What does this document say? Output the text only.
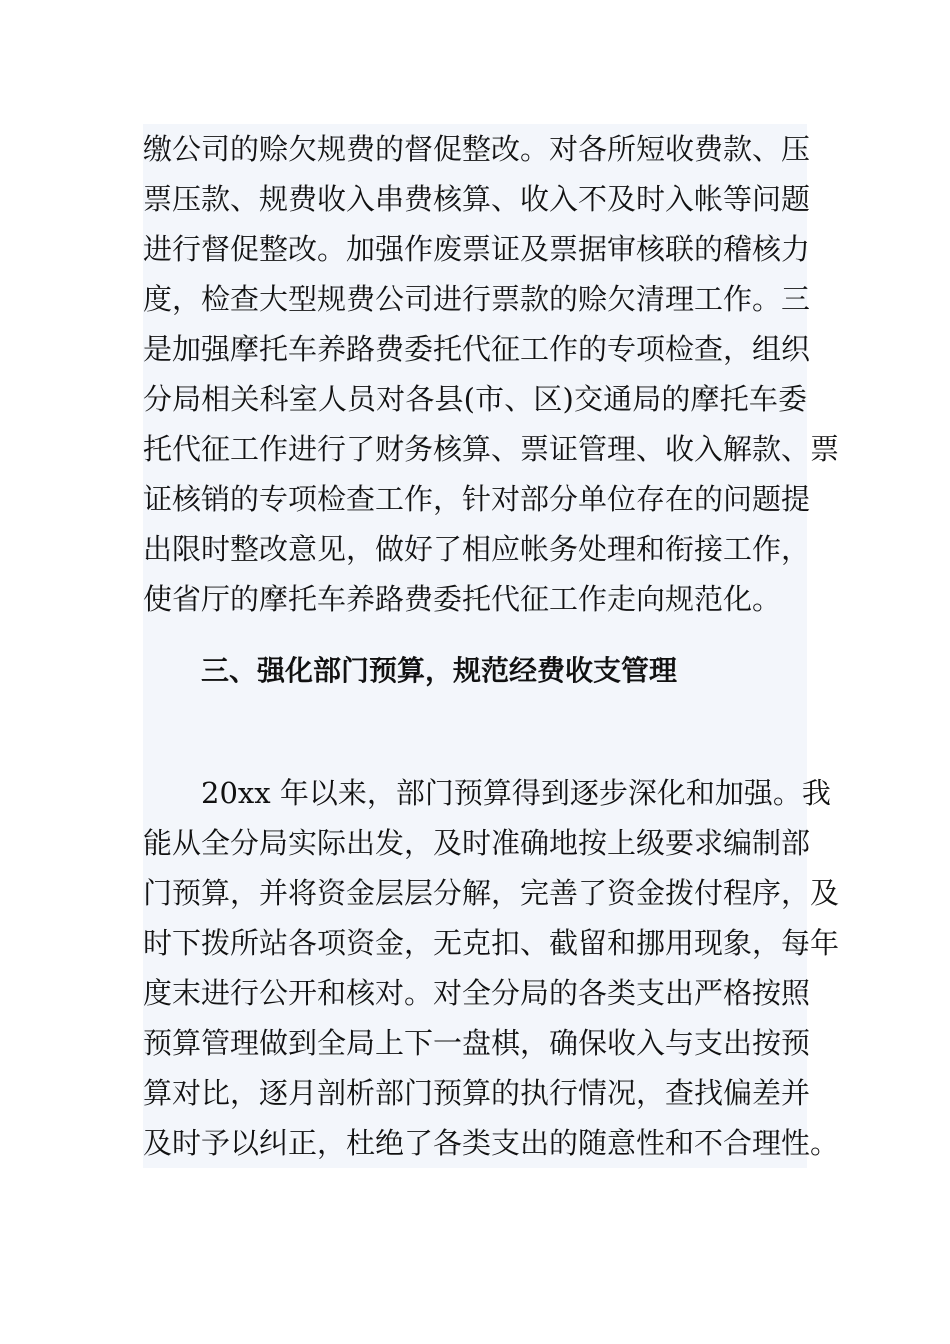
缴公司的赊欠规费的督促整改。对各所短收费款、压
票压款、规费收入串费核算、收入不及时入帐等问题
进行督促整改。加强作废票证及票据审核联的稽核力
度，检查大型规费公司进行票款的赊欠清理工作。三
是加强摩托车养路费委托代征工作的专项检查，组织
分局相关科室人员对各县(市、区)交通局的摩托车委
托代征工作进行了财务核算、票证管理、收入解款、票
证核销的专项检查工作，针对部分单位存在的问题提
出限时整改意见，做好了相应帐务处理和衔接工作，
使省厅的摩托车养路费委托代征工作走向规范化。
三、强化部门预算，规范经费收支管理
20xx 年以来，部门预算得到逐步深化和加强。我
能从全分局实际出发，及时准确地按上级要求编制部
门预算，并将资金层层分解，完善了资金拨付程序，及
时下拨所站各项资金，无克扣、截留和挪用现象，每年
度末进行公开和核对。对全分局的各类支出严格按照
预算管理做到全局上下一盘棋，确保收入与支出按预
算对比，逐月剖析部门预算的执行情况，查找偏差并
及时予以纠正，杜绝了各类支出的随意性和不合理性。
